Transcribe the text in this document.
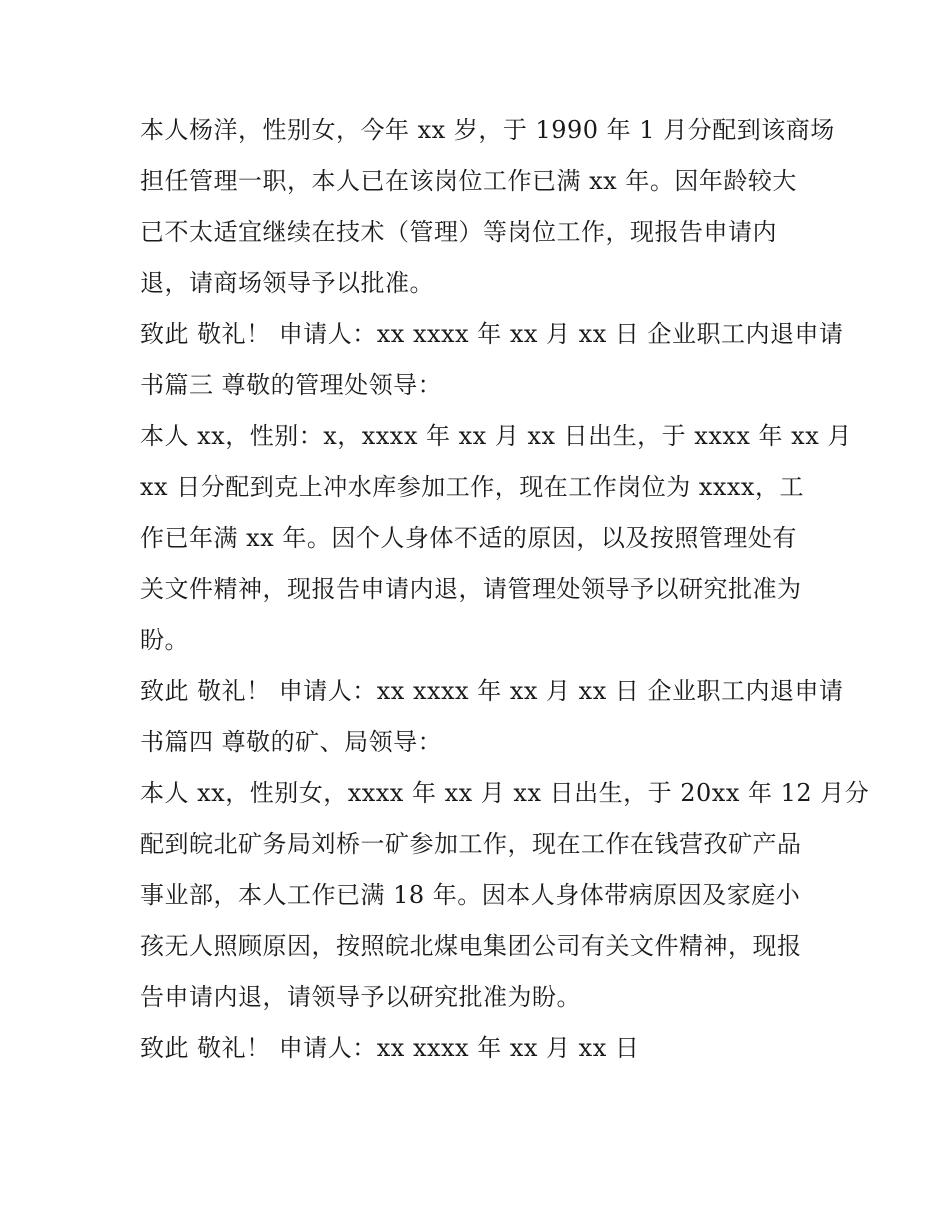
本人杨洋，性别女，今年 xx 岁，于 1990 年 1 月分配到该商场
担任管理一职，本人已在该岗位工作已满 xx 年。因年龄较大
已不太适宜继续在技术（管理）等岗位工作，现报告申请内
退，请商场领导予以批准。
致此 敬礼！ 申请人：xx xxxx 年 xx 月 xx 日 企业职工内退申请
书篇三 尊敬的管理处领导：
本人 xx，性别：x，xxxx 年 xx 月 xx 日出生，于 xxxx 年 xx 月
xx 日分配到克上冲水库参加工作，现在工作岗位为 xxxx，工
作已年满 xx 年。因个人身体不适的原因，以及按照管理处有
关文件精神，现报告申请内退，请管理处领导予以研究批准为
盼。
致此 敬礼！ 申请人：xx xxxx 年 xx 月 xx 日 企业职工内退申请
书篇四 尊敬的矿、局领导：
本人 xx，性别女，xxxx 年 xx 月 xx 日出生，于 20xx 年 12 月分
配到皖北矿务局刘桥一矿参加工作，现在工作在钱营孜矿产品
事业部，本人工作已满 18 年。因本人身体带病原因及家庭小
孩无人照顾原因，按照皖北煤电集团公司有关文件精神，现报
告申请内退，请领导予以研究批准为盼。
致此 敬礼！ 申请人：xx xxxx 年 xx 月 xx 日
